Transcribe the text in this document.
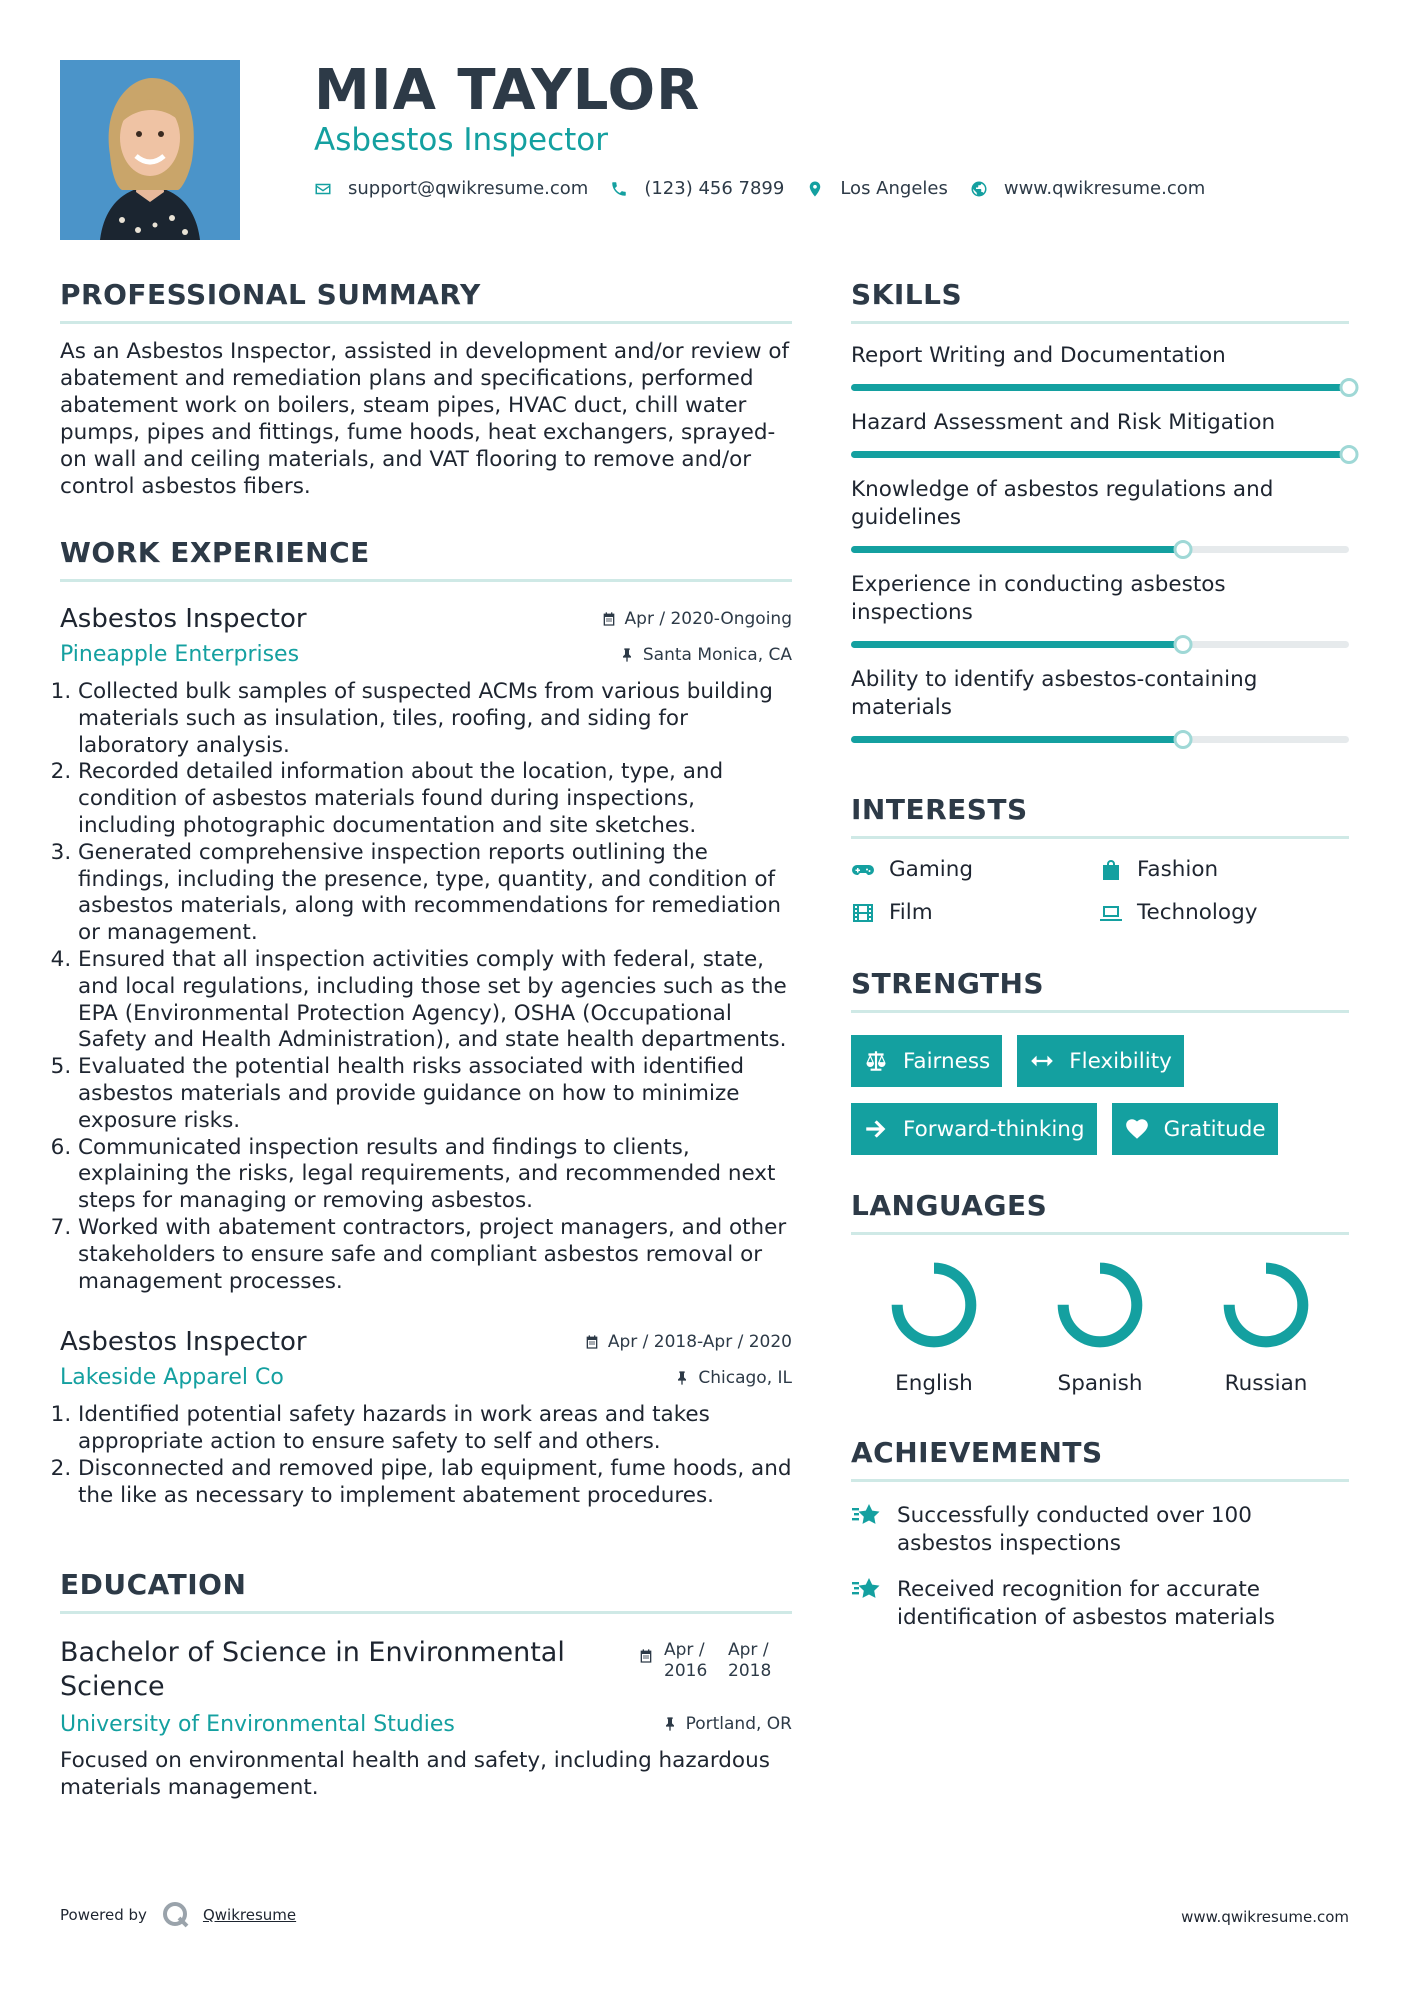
MIA TAYLOR
Asbestos Inspector
support@qwikresume.com	(123) 456 7899	Los Angeles	www.qwikresume.com
PROFESSIONAL SUMMARY

As an Asbestos Inspector, assisted in development and/or review of abatement and remediation plans and specifications, performed abatement work on boilers, steam pipes, HVAC duct, chill water pumps, pipes and fittings, fume hoods, heat exchangers, sprayed-on wall and ceiling materials, and VAT flooring to remove and/or control asbestos fibers.

WORK EXPERIENCE
Asbestos Inspector	Apr / 2020-Ongoing
Pineapple Enterprises	Santa Monica, CA
1. Collected bulk samples of suspected ACMs from various building materials such as insulation, tiles, roofing, and siding for laboratory analysis.
2. Recorded detailed information about the location, type, and condition of asbestos materials found during inspections, including photographic documentation and site sketches.
3. Generated comprehensive inspection reports outlining the findings, including the presence, type, quantity, and condition of asbestos materials, along with recommendations for remediation or management.
4. Ensured that all inspection activities comply with federal, state, and local regulations, including those set by agencies such as the EPA (Environmental Protection Agency), OSHA (Occupational Safety and Health Administration), and state health departments.
5. Evaluated the potential health risks associated with identified asbestos materials and provide guidance on how to minimize exposure risks.
6. Communicated inspection results and findings to clients, explaining the risks, legal requirements, and recommended next steps for managing or removing asbestos.
7. Worked with abatement contractors, project managers, and other stakeholders to ensure safe and compliant asbestos removal or management processes.
Asbestos Inspector	Apr / 2018-Apr / 2020
Lakeside Apparel Co	Chicago, IL
1. Identified potential safety hazards in work areas and takes appropriate action to ensure safety to self and others.
2. Disconnected and removed pipe, lab equipment, fume hoods, and the like as necessary to implement abatement procedures.
EDUCATION
Bachelor of Science in Environmental Science
Apr / 2016
Apr / 2018
University of Environmental Studies	Portland, OR

Focused on environmental health and safety, including hazardous materials management.

SKILLS
Report Writing and Documentation
Hazard Assessment and Risk Mitigation
Knowledge of asbestos regulations and guidelines
Experience in conducting asbestos inspections
Ability to identify asbestos-containing materials
INTERESTS
Gaming	Fashion
Film	Technology
STRENGTHS
Fairness	Flexibility
Forward-thinking	Gratitude
LANGUAGES
English	Spanish	Russian
ACHIEVEMENTS
Successfully conducted over 100 asbestos inspections
Received recognition for accurate identification of asbestos materials
Powered by	Qwikresume	www.qwikresume.com
